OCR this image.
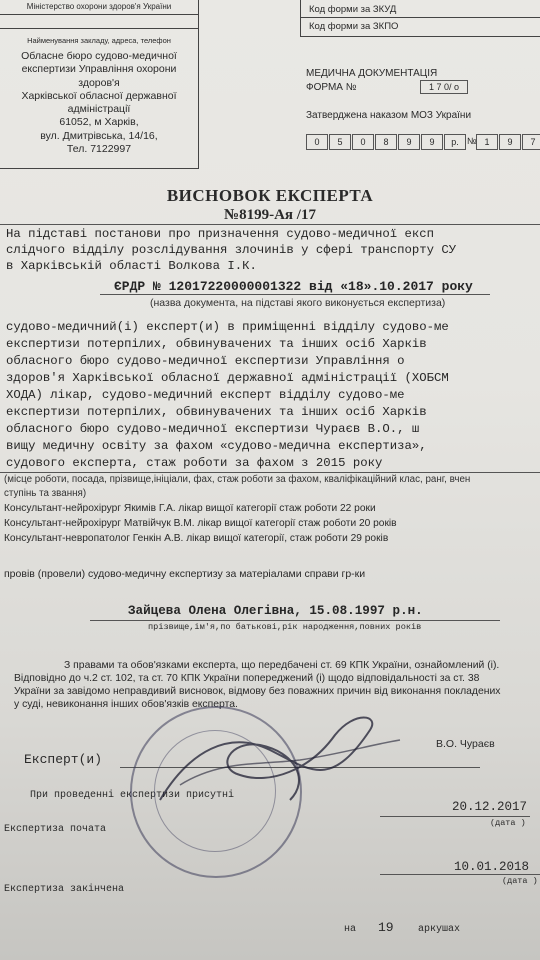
Міністерство охорони здоров'я України
Найменування закладу, адреса, телефон
Обласне бюро судово-медичної
експертизи Управління охорони
здоров'я
Харківської обласної державної
адміністрації
61052, м Харків,
вул. Дмитрівська, 14/16,
Тел. 7122997
Код форми за ЗКУД
Код форми за ЗКПО
МЕДИЧНА ДОКУМЕНТАЦІЯ
ФОРМА №	1 7 0/ о
Затверджена наказом МОЗ України
0	5	0	8	9	9	р. № 1	9	7
ВИСНОВОК ЕКСПЕРТА
№8199-Ая /17
На підставі постанови про призначення судово-медичної експ
слідчого відділу розслідування злочинів у сфері транспорту СУ
в Харківській області Волкова І.К.
ЄРДР № 12017220000001322 від «18».10.2017 року
(назва документа, на підставі якого виконується експертиза)
судово-медичний(і) експерт(и) в приміщенні відділу судово-ме
експертизи потерпілих, обвинувачених та інших осіб Харків
обласного бюро судово-медичної експертизи Управління о
здоров'я Харківської обласної державної адміністрації (ХОБСМ
ХОДА) лікар, судово-медичний експерт відділу судово-ме
експертизи потерпілих, обвинувачених та інших осіб Харків
обласного бюро судово-медичної експертизи Чураєв В.О., ш
вищу медичну освіту за фахом «судово-медична експертиза»,
судового експерта, стаж роботи за фахом з 2015 року
(місце роботи, посада, прізвище,ініціали, фах, стаж роботи за фахом, кваліфікаційний клас, ранг, вчен
ступінь та звання)
Консультант-нейрохірург Якимів Г.А. лікар вищої категорії стаж роботи 22 роки
Консультант-нейрохірург Матвійчук В.М. лікар вищої категорії стаж роботи 20 років
Консультант-невропатолог Генкін А.В. лікар вищої категорії, стаж роботи 29 років
провів (провели) судово-медичну експертизу за матеріалами справи гр-ки
Зайцева Олена Олегівна, 15.08.1997 р.н.
прізвище,ім'я,по батькові,рік народження,повних років
З правами та обов'язками експерта, що передбачені ст. 69 КПК України, ознайомлений (і).
Відповідно до ч.2 ст. 102, та ст. 70 КПК України попереджений (і) щодо відповідальності за ст. 38
України за завідомо неправдивий висновок, відмову без поважних причин від виконання покладених
у суді, невиконання інших обов'язків експерта.
Експерт(и)
В.О. Чураєв
При проведенні експертизи присутні
20.12.2017
(дата )
Експертиза почата
10.01.2018
(дата )
Експертиза закінчена
на 19 аркушах
